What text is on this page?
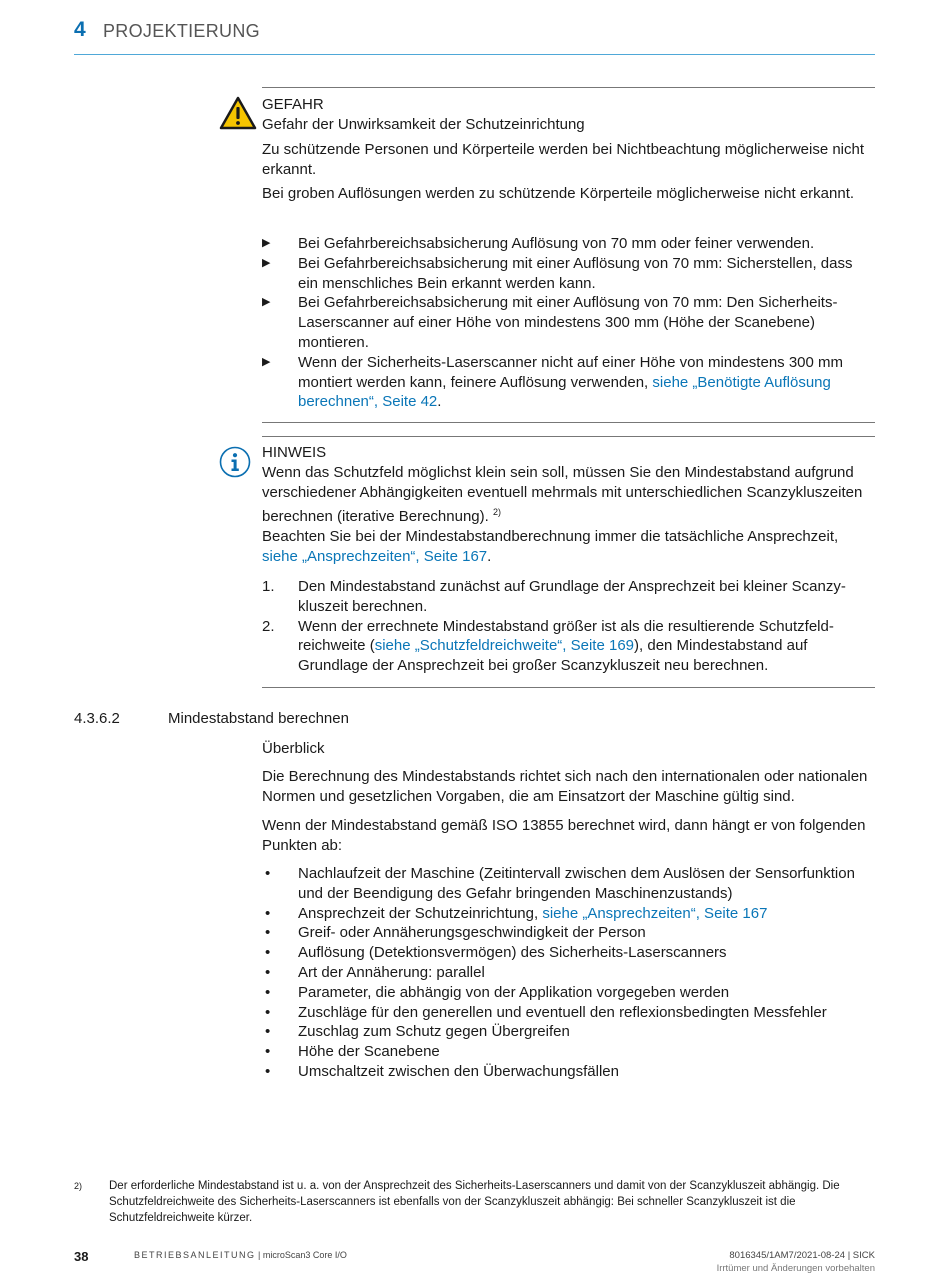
4 PROJEKTIERUNG
GEFAHR
Gefahr der Unwirksamkeit der Schutzeinrichtung
Zu schützende Personen und Körperteile werden bei Nichtbeachtung möglicherweise nicht erkannt.
Bei groben Auflösungen werden zu schützende Körperteile möglicherweise nicht erkannt.
▶ Bei Gefahrbereichsabsicherung Auflösung von 70 mm oder feiner verwenden.
▶ Bei Gefahrbereichsabsicherung mit einer Auflösung von 70 mm: Sicherstellen, dass ein menschliches Bein erkannt werden kann.
▶ Bei Gefahrbereichsabsicherung mit einer Auflösung von 70 mm: Den Sicherheits-Laserscanner auf einer Höhe von mindestens 300 mm (Höhe der Scanebene) montieren.
▶ Wenn der Sicherheits-Laserscanner nicht auf einer Höhe von mindestens 300 mm montiert werden kann, feinere Auflösung verwenden, siehe „Benötigte Auflösung berechnen“, Seite 42.
HINWEIS
Wenn das Schutzfeld möglichst klein sein soll, müssen Sie den Mindestabstand aufgrund verschiedener Abhängigkeiten eventuell mehrmals mit unterschiedlichen Scanzykluszeiten berechnen (iterative Berechnung). $^{2)}$
Beachten Sie bei der Mindestabstandberechnung immer die tatsächliche Ansprechzeit, siehe „Ansprechzeiten“, Seite 167.
1. Den Mindestabstand zunächst auf Grundlage der Ansprechzeit bei kleiner Scanzykluszeit berechnen.
2. Wenn der errechnete Mindestabstand größer ist als die resultierende Schutzfeldreichweite (siehe „Schutzfeldreichweite“, Seite 169), den Mindestabstand auf Grundlage der Ansprechzeit bei großer Scanzykluszeit neu berechnen.
4.3.6.2	Mindestabstand berechnen
Überblick
Die Berechnung des Mindestabstands richtet sich nach den internationalen oder nationalen Normen und gesetzlichen Vorgaben, die am Einsatzort der Maschine gültig sind.
Wenn der Mindestabstand gemäß ISO 13855 berechnet wird, dann hängt er von folgenden Punkten ab:
• Nachlaufzeit der Maschine (Zeitintervall zwischen dem Auslösen der Sensorfunktion und der Beendigung des Gefahr bringenden Maschinenzustands)
• Ansprechzeit der Schutzeinrichtung, siehe „Ansprechzeiten“, Seite 167
• Greif- oder Annäherungsgeschwindigkeit der Person
• Auflösung (Detektionsvermögen) des Sicherheits-Laserscanners
• Art der Annäherung: parallel
• Parameter, die abhängig von der Applikation vorgegeben werden
• Zuschläge für den generellen und eventuell den reflexionsbedingten Messfehler
• Zuschlag zum Schutz gegen Übergreifen
• Höhe der Scanebene
• Umschaltzeit zwischen den Überwachungsfällen
2) Der erforderliche Mindestabstand ist u. a. von der Ansprechzeit des Sicherheits-Laserscanners und damit von der Scanzykluszeit abhängig. Die Schutzfeldreichweite des Sicherheits-Laserscanners ist ebenfalls von der Scanzykluszeit abhängig: Bei schneller Scanzykluszeit ist die Schutzfeldreichweite kürzer.
38	BETRIEBSANLEITUNG | microScan3 Core I/O	8016345/1AM7/2021-08-24 | SICK
Irrtümer und Änderungen vorbehalten
